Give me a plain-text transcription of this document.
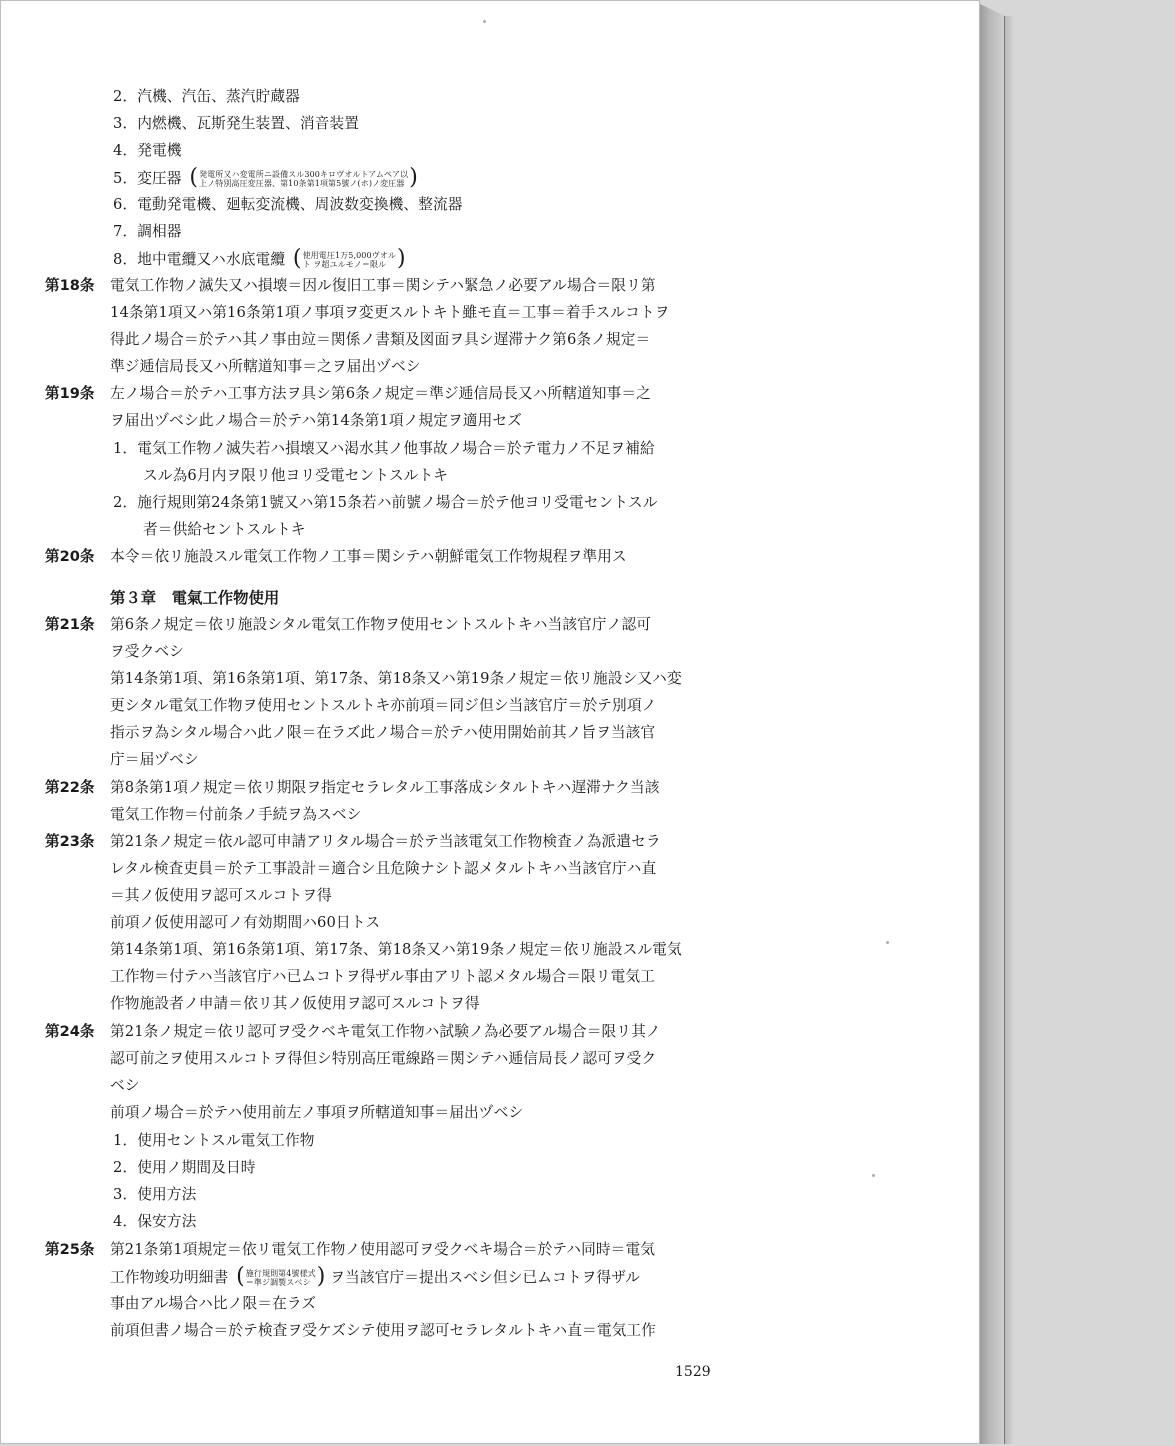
2．汽機、汽缶、蒸汽貯蔵器
3．内燃機、瓦斯発生装置、消音装置
4．発電機
5．変圧器 ( 発電所又ハ変電所ニ設備スル300キロヴオルトアムペア以
上ノ特別高圧変圧器、第10条第1項第5號ノ(ホ)ノ変圧器 )
6．電動発電機、廻転変流機、周波数変換機、整流器
7．調相器
8．地中電纜又ハ水底電纜 ( 使用電圧1万5,000ヴオル
ト ヲ超ユルモノ＝限ル )
第18条 電気工作物ノ滅失又ハ損壊＝因ル復旧工事＝関シテハ緊急ノ必要アル場合＝限リ第
14条第1項又ハ第16条第1項ノ事項ヲ変更スルトキト雖モ直＝工事＝着手スルコトヲ
得此ノ場合＝於テハ其ノ事由竝＝関係ノ書類及図面ヲ具シ遅滞ナク第6条ノ規定＝
準ジ逓信局長又ハ所轄道知事＝之ヲ届出ヅベシ
第19条 左ノ場合＝於テハ工事方法ヲ具シ第6条ノ規定＝準ジ逓信局長又ハ所轄道知事＝之
ヲ届出ヅベシ此ノ場合＝於テハ第14条第1項ノ規定ヲ適用セズ
1．電気工作物ノ滅失若ハ損壊又ハ渇水其ノ他事故ノ場合＝於テ電力ノ不足ヲ補給
スル為6月内ヲ限リ他ヨリ受電セントスルトキ
2．施行規則第24条第1號又ハ第15条若ハ前號ノ場合＝於テ他ヨリ受電セントスル
者＝供給セントスルトキ
第20条 本令＝依リ施設スル電気工作物ノ工事＝関シテハ朝鮮電気工作物規程ヲ準用ス
第３章　電氣工作物使用
第21条 第6条ノ規定＝依リ施設シタル電気工作物ヲ使用セントスルトキハ当該官庁ノ認可
ヲ受クベシ
第14条第1項、第16条第1項、第17条、第18条又ハ第19条ノ規定＝依リ施設シ又ハ変
更シタル電気工作物ヲ使用セントスルトキ亦前項＝同ジ但シ当該官庁＝於テ別項ノ
指示ヲ為シタル場合ハ此ノ限＝在ラズ此ノ場合＝於テハ使用開始前其ノ旨ヲ当該官
庁＝届ヅベシ
第22条 第8条第1項ノ規定＝依リ期限ヲ指定セラレタル工事落成シタルトキハ遅滞ナク当該
電気工作物＝付前条ノ手続ヲ為スベシ
第23条 第21条ノ規定＝依ル認可申請アリタル場合＝於テ当該電気工作物検査ノ為派遣セラ
レタル検査吏員＝於テ工事設計＝適合シ且危険ナシト認メタルトキハ当該官庁ハ直
＝其ノ仮使用ヲ認可スルコトヲ得
前項ノ仮使用認可ノ有効期間ハ60日トス
第14条第1項、第16条第1項、第17条、第18条又ハ第19条ノ規定＝依リ施設スル電気
工作物＝付テハ当該官庁ハ已ムコトヲ得ザル事由アリト認メタル場合＝限リ電気工
作物施設者ノ申請＝依リ其ノ仮使用ヲ認可スルコトヲ得
第24条 第21条ノ規定＝依リ認可ヲ受クベキ電気工作物ハ試験ノ為必要アル場合＝限リ其ノ
認可前之ヲ使用スルコトヲ得但シ特別高圧電線路＝関シテハ逓信局長ノ認可ヲ受ク
ベシ
前項ノ場合＝於テハ使用前左ノ事項ヲ所轄道知事＝届出ヅベシ
1．使用セントスル電気工作物
2．使用ノ期間及日時
3．使用方法
4．保安方法
第25条 第21条第1項規定＝依リ電気工作物ノ使用認可ヲ受クベキ場合＝於テハ同時＝電気
工作物竣功明細書 ( 施行規則第4號様式
＝準ジ調製スベシ ) ヲ当該官庁＝提出スベシ但シ已ムコトヲ得ザル
事由アル場合ハ比ノ限＝在ラズ
前項但書ノ場合＝於テ検査ヲ受ケズシテ使用ヲ認可セラレタルトキハ直＝電気工作
1529
